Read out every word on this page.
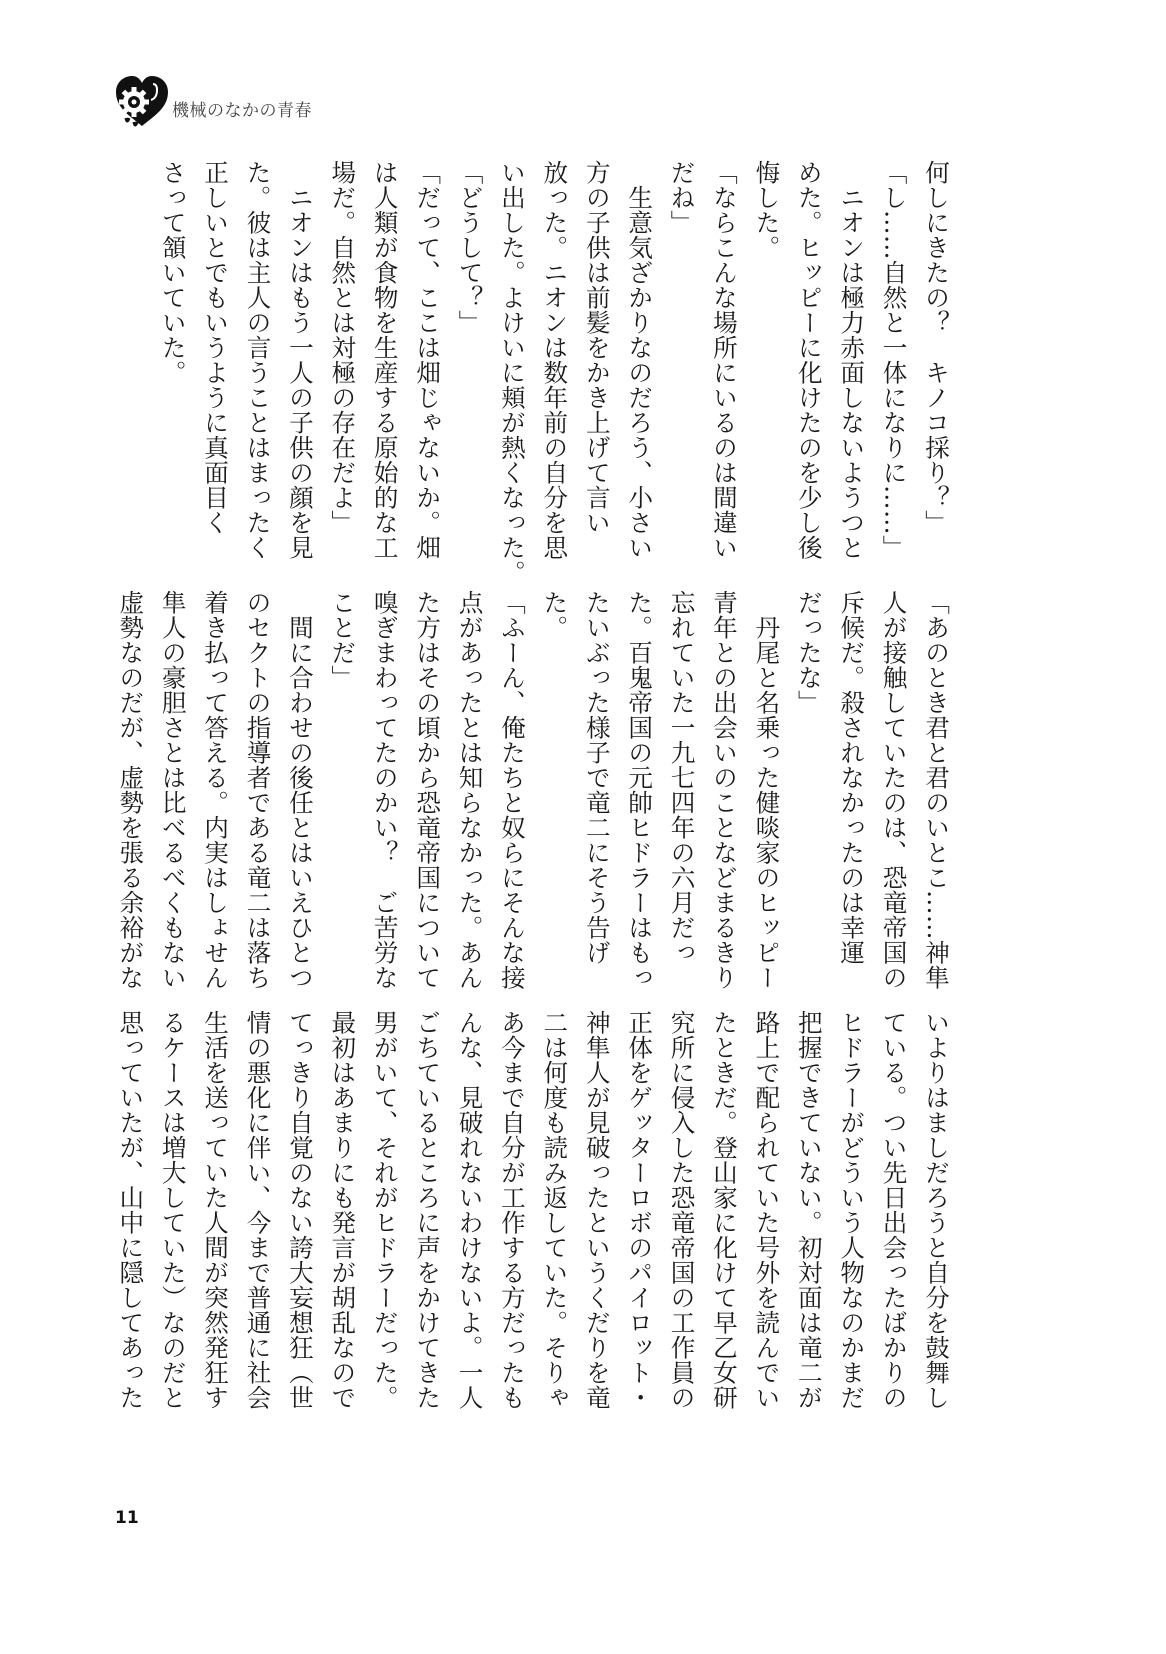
機械のなかの青春
何しにきたの？　キノコ採り？」
「し……自然と一体になりに……」
　ニオンは極力赤面しないようつと
めた。ヒッピーに化けたのを少し後
悔した。
「ならこんな場所にいるのは間違い
だね」
　生意気ざかりなのだろう、小さい
方の子供は前髪をかき上げて言い
放った。ニオンは数年前の自分を思
い出した。よけいに頬が熱くなった。
「どうして？」
「だって、ここは畑じゃないか。畑
は人類が食物を生産する原始的な工
場だ。自然とは対極の存在だよ」
　ニオンはもう一人の子供の顔を見
た。彼は主人の言うことはまったく
正しいとでもいうように真面目く
さって頷いていた。
「あのとき君と君のいとこ……神隼
人が接触していたのは、恐竜帝国の
斥候だ。殺されなかったのは幸運
だったな」
　丹尾と名乗った健啖家のヒッピー
青年との出会いのことなどまるきり
忘れていた一九七四年の六月だっ
た。百鬼帝国の元帥ヒドラーはもっ
たいぶった様子で竜二にそう告げ
た。
「ふーん、俺たちと奴らにそんな接
点があったとは知らなかった。あん
た方はその頃から恐竜帝国について
嗅ぎまわってたのかい？　ご苦労な
ことだ」
　間に合わせの後任とはいえひとつ
のセクトの指導者である竜二は落ち
着き払って答える。内実はしょせん
隼人の豪胆さとは比べるべくもない
虚勢なのだが、虚勢を張る余裕がな
いよりはましだろうと自分を鼓舞し
ている。つい先日出会ったばかりの
ヒドラーがどういう人物なのかまだ
把握できていない。初対面は竜二が
路上で配られていた号外を読んでい
たときだ。登山家に化けて早乙女研
究所に侵入した恐竜帝国の工作員の
正体をゲッターロボのパイロット・
神隼人が見破ったというくだりを竜
二は何度も読み返していた。そりゃ
あ今まで自分が工作する方だったも
んな、見破れないわけないよ。一人
ごちているところに声をかけてきた
男がいて、それがヒドラーだった。
最初はあまりにも発言が胡乱なので
てっきり自覚のない誇大妄想狂（世
情の悪化に伴い、今まで普通に社会
生活を送っていた人間が突然発狂す
るケースは増大していた）なのだと
思っていたが、山中に隠してあった
11
